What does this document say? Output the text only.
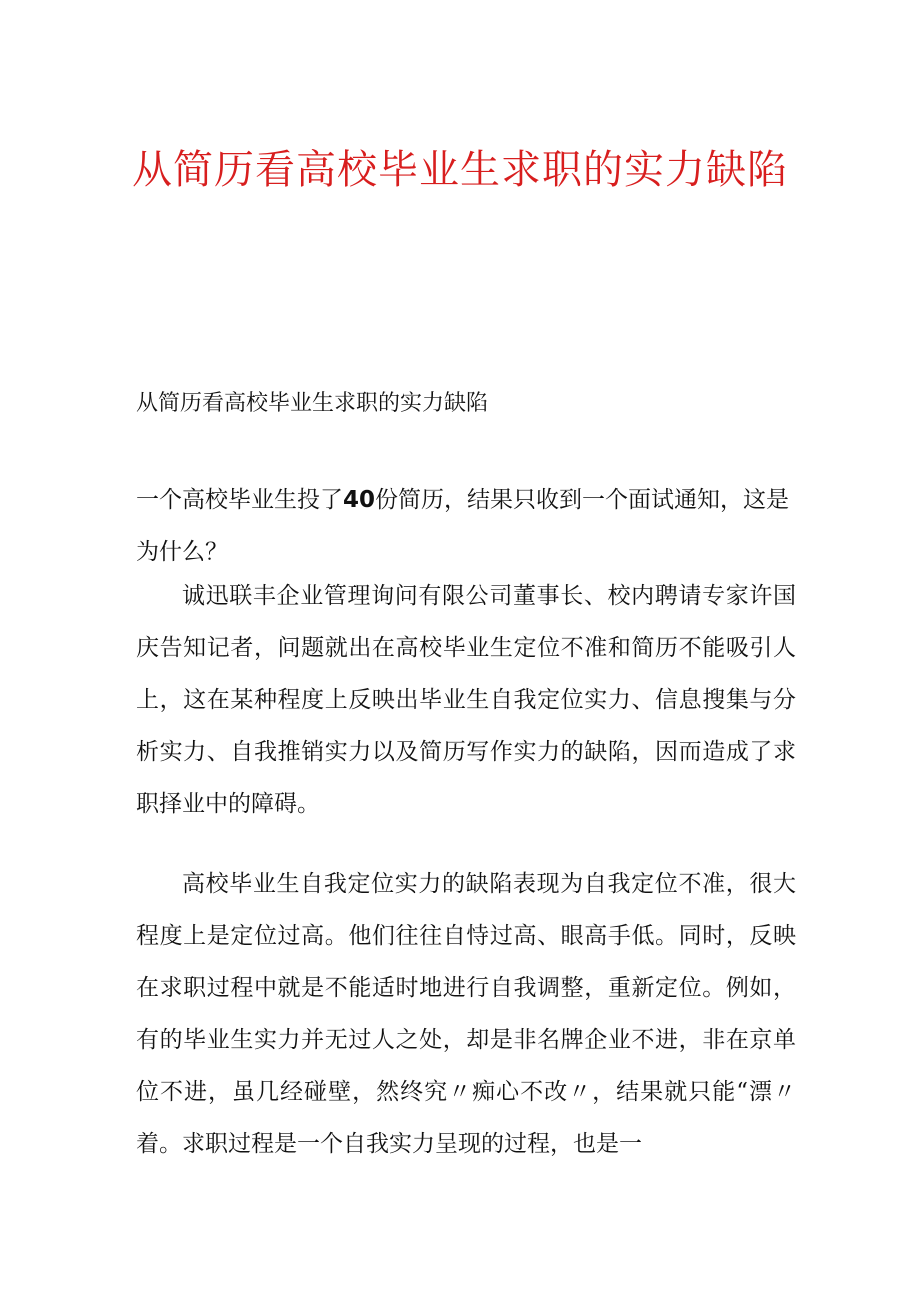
从简历看高校毕业生求职的实力缺陷

从简历看高校毕业生求职的实力缺陷

一个高校毕业生投了40份简历，结果只收到一个面试通知，这是为什么？

诚迅联丰企业管理询问有限公司董事长、校内聘请专家许国庆告知记者，问题就出在高校毕业生定位不准和简历不能吸引人上，这在某种程度上反映出毕业生自我定位实力、信息搜集与分析实力、自我推销实力以及简历写作实力的缺陷，因而造成了求职择业中的障碍。

高校毕业生自我定位实力的缺陷表现为自我定位不准，很大程度上是定位过高。他们往往自恃过高、眼高手低。同时，反映在求职过程中就是不能适时地进行自我调整，重新定位。例如，有的毕业生实力并无过人之处，却是非名牌企业不进，非在京单位不进，虽几经碰壁，然终究〃痴心不改〃，结果就只能“漂〃着。求职过程是一个自我实力呈现的过程，也是一
